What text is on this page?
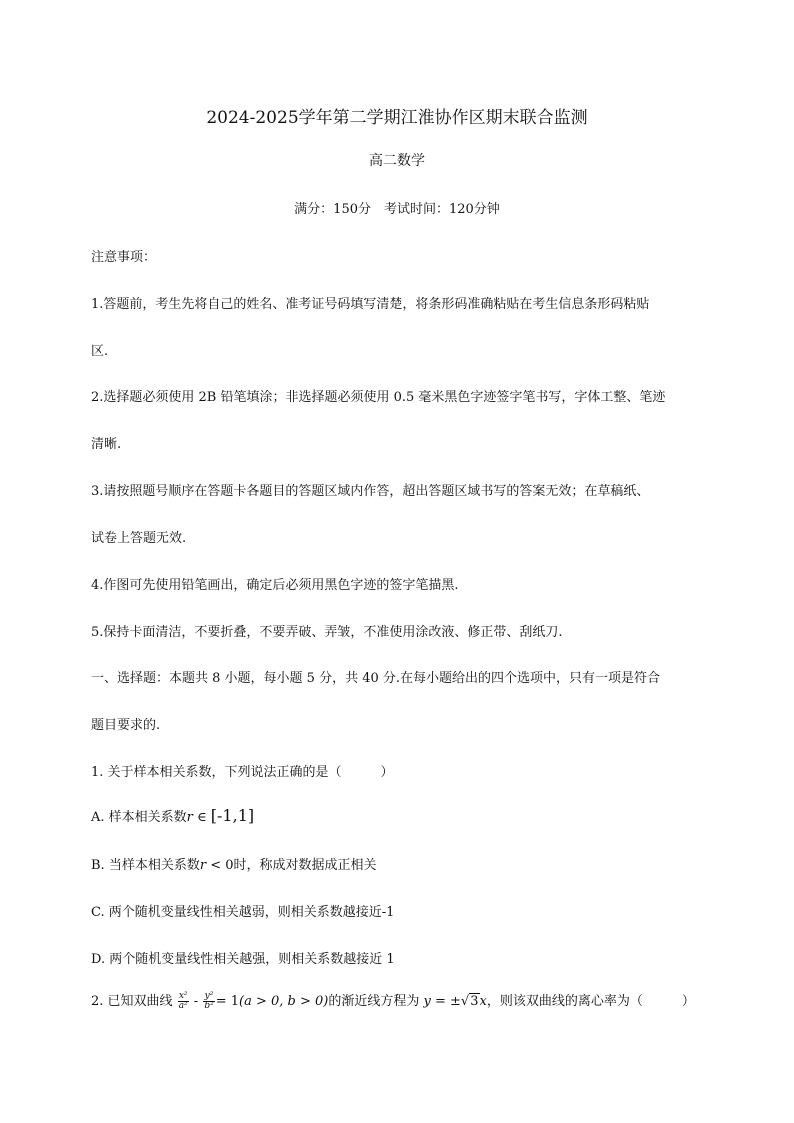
2024-2025学年第二学期江淮协作区期末联合监测
高二数学
满分：150分　考试时间：120分钟
注意事项：
1.答题前，考生先将自己的姓名、准考证号码填写清楚，将条形码准确粘贴在考生信息条形码粘贴
区.
2.选择题必须使用 2B 铅笔填涂；非选择题必须使用 0.5 毫米黑色字迹签字笔书写，字体工整、笔迹
清晰.
3.请按照题号顺序在答题卡各题目的答题区域内作答，超出答题区域书写的答案无效；在草稿纸、
试卷上答题无效.
4.作图可先使用铅笔画出，确定后必须用黑色字迹的签字笔描黑.
5.保持卡面清洁，不要折叠，不要弄破、弄皱，不准使用涂改液、修正带、刮纸刀.
一、选择题：本题共 8 小题，每小题 5 分，共 40 分.在每小题给出的四个选项中，只有一项是符合
题目要求的.
1. 关于样本相关系数，下列说法正确的是（　　　）
A. 样本相关系数r ∈ [-1,1]
B. 当样本相关系数r < 0时，称成对数据成正相关
C. 两个随机变量线性相关越弱，则相关系数越接近-1
D. 两个随机变量线性相关越强，则相关系数越接近 1
2. 已知双曲线 $\frac{\text{x²}}{\text{a²}} - \frac{\text{y²}}{\text{b²}} = 1(a > 0$, b > 0)的渐近线方程为 y = ±√3x，则该双曲线的离心率为（　　　）
